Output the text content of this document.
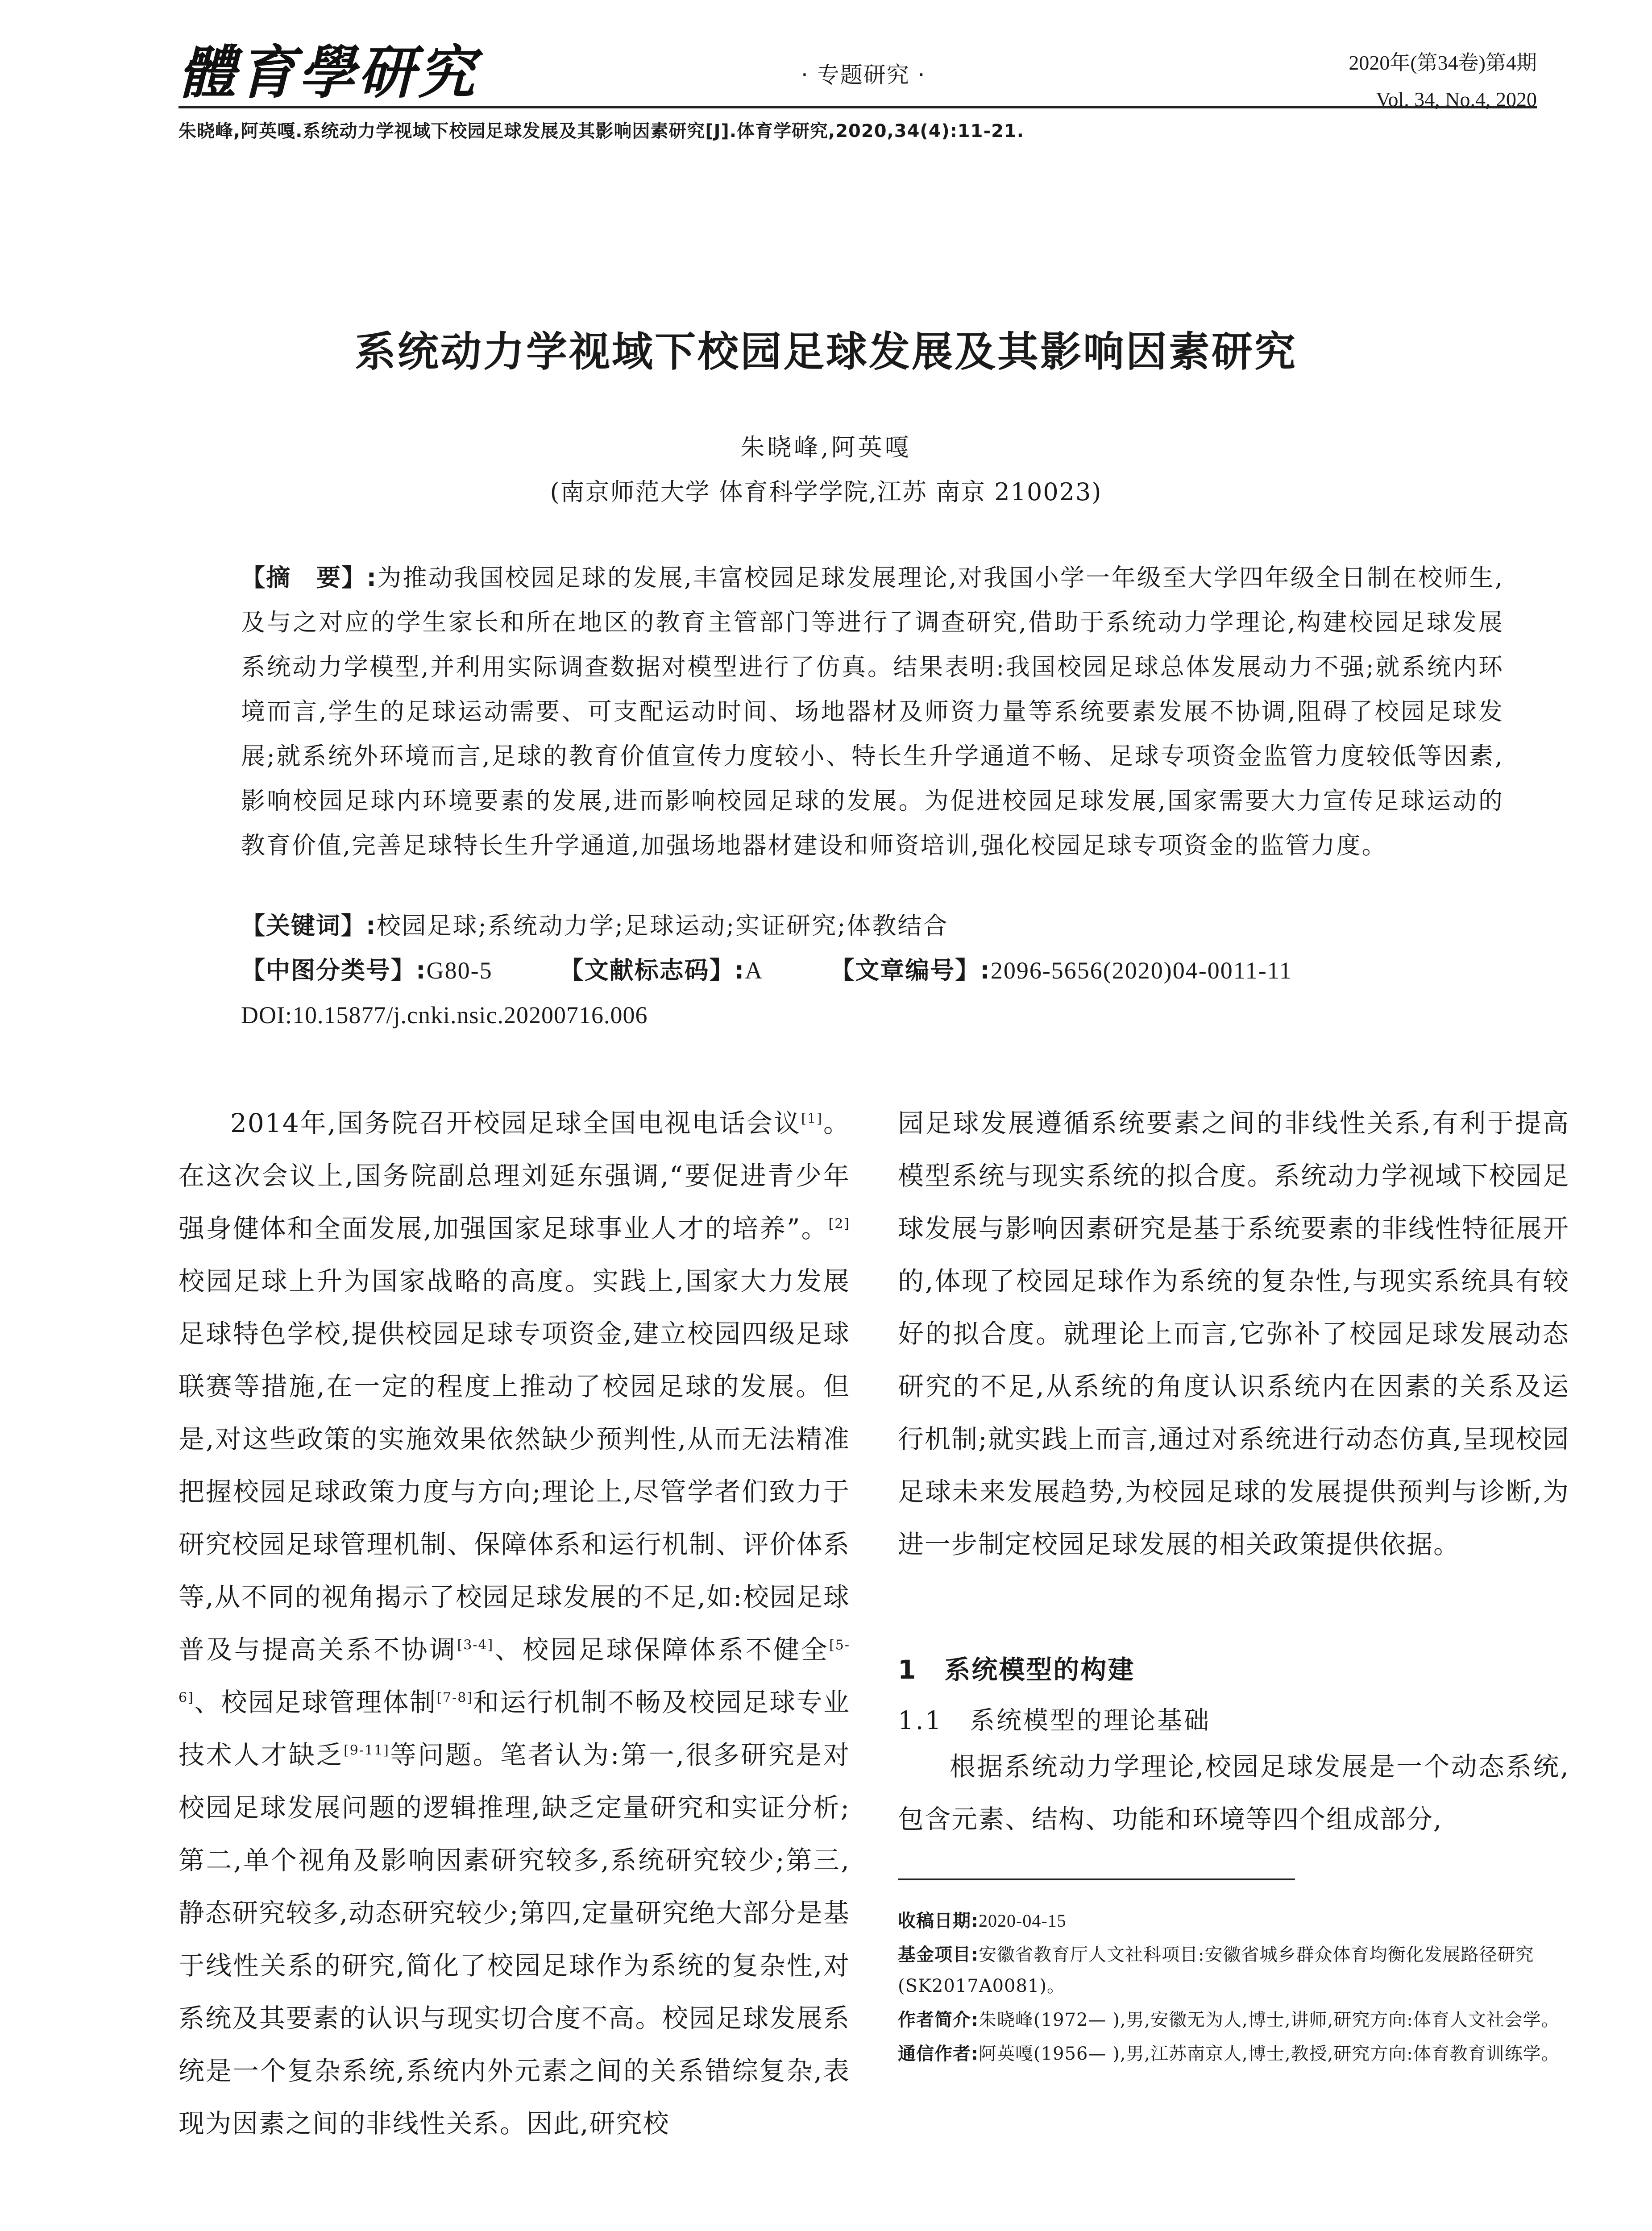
體育學研究	· 专题研究 ·	2020年(第34卷)第4期
Vol. 34, No.4, 2020
朱晓峰,阿英嘎.系统动力学视域下校园足球发展及其影响因素研究[J].体育学研究,2020,34(4):11-21.
系统动力学视域下校园足球发展及其影响因素研究
朱晓峰,阿英嘎
(南京师范大学 体育科学学院,江苏 南京 210023)
【摘　要】:为推动我国校园足球的发展,丰富校园足球发展理论,对我国小学一年级至大学四年级全日制在校师生,及与之对应的学生家长和所在地区的教育主管部门等进行了调查研究,借助于系统动力学理论,构建校园足球发展系统动力学模型,并利用实际调查数据对模型进行了仿真。结果表明:我国校园足球总体发展动力不强;就系统内环境而言,学生的足球运动需要、可支配运动时间、场地器材及师资力量等系统要素发展不协调,阻碍了校园足球发展;就系统外环境而言,足球的教育价值宣传力度较小、特长生升学通道不畅、足球专项资金监管力度较低等因素,影响校园足球内环境要素的发展,进而影响校园足球的发展。为促进校园足球发展,国家需要大力宣传足球运动的教育价值,完善足球特长生升学通道,加强场地器材建设和师资培训,强化校园足球专项资金的监管力度。
【关键词】:校园足球;系统动力学;足球运动;实证研究;体教结合
【中图分类号】:G80-5	【文献标志码】:A	【文章编号】:2096-5656(2020)04-0011-11
DOI:10.15877/j.cnki.nsic.20200716.006

2014年,国务院召开校园足球全国电视电话会议[1]。在这次会议上,国务院副总理刘延东强调,“要促进青少年强身健体和全面发展,加强国家足球事业人才的培养”。[2]校园足球上升为国家战略的高度。实践上,国家大力发展足球特色学校,提供校园足球专项资金,建立校园四级足球联赛等措施,在一定的程度上推动了校园足球的发展。但是,对这些政策的实施效果依然缺少预判性,从而无法精准把握校园足球政策力度与方向;理论上,尽管学者们致力于研究校园足球管理机制、保障体系和运行机制、评价体系等,从不同的视角揭示了校园足球发展的不足,如:校园足球普及与提高关系不协调[3-4]、校园足球保障体系不健全[5-6]、校园足球管理体制[7-8]和运行机制不畅及校园足球专业技术人才缺乏[9-11]等问题。笔者认为:第一,很多研究是对校园足球发展问题的逻辑推理,缺乏定量研究和实证分析;第二,单个视角及影响因素研究较多,系统研究较少;第三,静态研究较多,动态研究较少;第四,定量研究绝大部分是基于线性关系的研究,简化了校园足球作为系统的复杂性,对系统及其要素的认识与现实切合度不高。校园足球发展系统是一个复杂系统,系统内外元素之间的关系错综复杂,表现为因素之间的非线性关系。因此,研究校

园足球发展遵循系统要素之间的非线性关系,有利于提高模型系统与现实系统的拟合度。系统动力学视域下校园足球发展与影响因素研究是基于系统要素的非线性特征展开的,体现了校园足球作为系统的复杂性,与现实系统具有较好的拟合度。就理论上而言,它弥补了校园足球发展动态研究的不足,从系统的角度认识系统内在因素的关系及运行机制;就实践上而言,通过对系统进行动态仿真,呈现校园足球未来发展趋势,为校园足球的发展提供预判与诊断,为进一步制定校园足球发展的相关政策提供依据。

1　系统模型的构建
1.1　系统模型的理论基础

根据系统动力学理论,校园足球发展是一个动态系统,包含元素、结构、功能和环境等四个组成部分,

收稿日期:2020-04-15

基金项目:安徽省教育厅人文社科项目:安徽省城乡群众体育均衡化发展路径研究(SK2017A0081)。

作者简介:朱晓峰(1972— ),男,安徽无为人,博士,讲师,研究方向:体育人文社会学。

通信作者:阿英嘎(1956— ),男,江苏南京人,博士,教授,研究方向:体育教育训练学。
